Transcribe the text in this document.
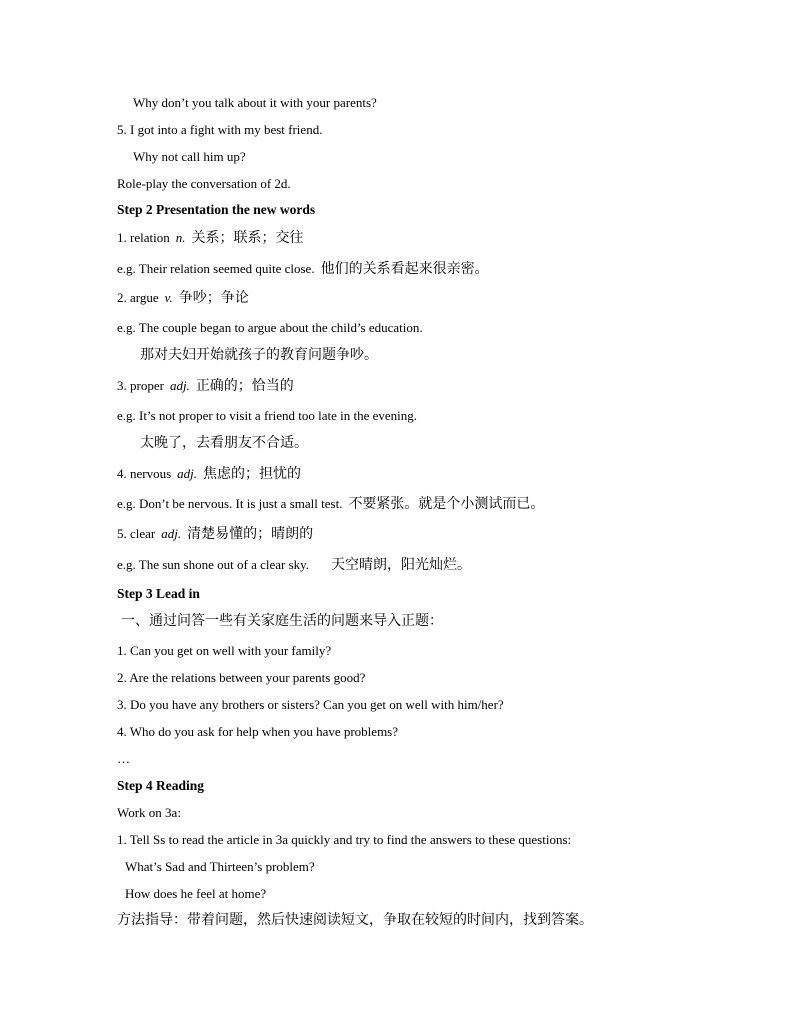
Why don’t you talk about it with your parents?
5. I got into a fight with my best friend.
Why not call him up?
Role-play the conversation of 2d.
Step 2 Presentation the new words
1. relation n. 关系；联系；交往
e.g. Their relation seemed quite close. 他们的关系看起来很亲密。
2. argue v. 争吵；争论
e.g. The couple began to argue about the child’s education.
那对夫妇开始就孩子的教育问题争吵。
3. proper adj. 正确的；恰当的
e.g. It’s not proper to visit a friend too late in the evening.
太晚了，去看朋友不合适。
4. nervous adj. 焦虑的；担忧的
e.g. Don’t be nervous. It is just a small test. 不要紧张。就是个小测试而已。
5. clear adj. 清楚易懂的；晴朗的
e.g. The sun shone out of a clear sky. 天空晴朗，阳光灿烂。
Step 3 Lead in
一、通过问答一些有关家庭生活的问题来导入正题：
1. Can you get on well with your family?
2. Are the relations between your parents good?
3. Do you have any brothers or sisters? Can you get on well with him/her?
4. Who do you ask for help when you have problems?
…
Step 4 Reading
Work on 3a:
1. Tell Ss to read the article in 3a quickly and try to find the answers to these questions:
What’s Sad and Thirteen’s problem?
How does he feel at home?
方法指导：带着问题，然后快速阅读短文，争取在较短的时间内，找到答案。
